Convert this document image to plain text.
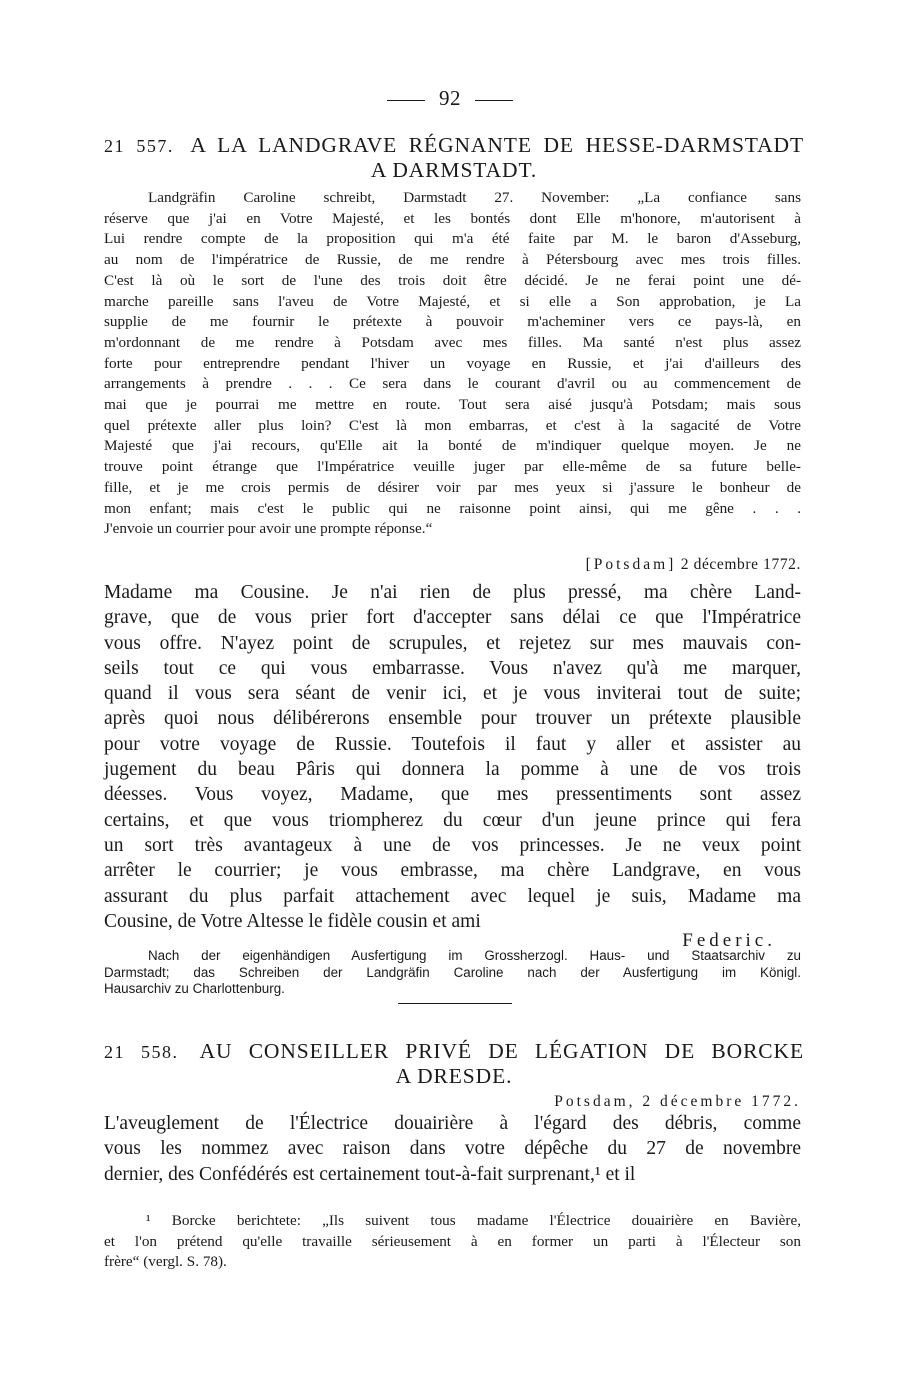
92
21 557. A LA LANDGRAVE RÉGNANTE DE HESSE-DARMSTADT
A DARMSTADT.
Landgräfin Caroline schreibt, Darmstadt 27. November: „La confiance sans
réserve que j'ai en Votre Majesté, et les bontés dont Elle m'honore, m'autorisent à
Lui rendre compte de la proposition qui m'a été faite par M. le baron d'Asseburg,
au nom de l'impératrice de Russie, de me rendre à Pétersbourg avec mes trois filles.
C'est là où le sort de l'une des trois doit être décidé. Je ne ferai point une dé-
marche pareille sans l'aveu de Votre Majesté, et si elle a Son approbation, je La
supplie de me fournir le prétexte à pouvoir m'acheminer vers ce pays-là, en
m'ordonnant de me rendre à Potsdam avec mes filles. Ma santé n'est plus assez
forte pour entreprendre pendant l'hiver un voyage en Russie, et j'ai d'ailleurs des
arrangements à prendre . . . Ce sera dans le courant d'avril ou au commencement de
mai que je pourrai me mettre en route. Tout sera aisé jusqu'à Potsdam; mais sous
quel prétexte aller plus loin? C'est là mon embarras, et c'est à la sagacité de Votre
Majesté que j'ai recours, qu'Elle ait la bonté de m'indiquer quelque moyen. Je ne
trouve point étrange que l'Impératrice veuille juger par elle-même de sa future belle-
fille, et je me crois permis de désirer voir par mes yeux si j'assure le bonheur de
mon enfant; mais c'est le public qui ne raisonne point ainsi, qui me gêne . . .
J'envoie un courrier pour avoir une prompte réponse.“
[Potsdam] 2 décembre 1772.
Madame ma Cousine. Je n'ai rien de plus pressé, ma chère Land-
grave, que de vous prier fort d'accepter sans délai ce que l'Impératrice
vous offre. N'ayez point de scrupules, et rejetez sur mes mauvais con-
seils tout ce qui vous embarrasse. Vous n'avez qu'à me marquer,
quand il vous sera séant de venir ici, et je vous inviterai tout de suite;
après quoi nous délibérerons ensemble pour trouver un prétexte plausible
pour votre voyage de Russie. Toutefois il faut y aller et assister au
jugement du beau Pâris qui donnera la pomme à une de vos trois
déesses. Vous voyez, Madame, que mes pressentiments sont assez
certains, et que vous triompherez du cœur d'un jeune prince qui fera
un sort très avantageux à une de vos princesses. Je ne veux point
arrêter le courrier; je vous embrasse, ma chère Landgrave, en vous
assurant du plus parfait attachement avec lequel je suis, Madame ma
Cousine, de Votre Altesse le fidèle cousin et ami
Federic.
Nach der eigenhändigen Ausfertigung im Grossherzogl. Haus- und Staatsarchiv zu
Darmstadt; das Schreiben der Landgräfin Caroline nach der Ausfertigung im Königl.
Hausarchiv zu Charlottenburg.
21 558. AU CONSEILLER PRIVÉ DE LÉGATION DE BORCKE
A DRESDE.
Potsdam, 2 décembre 1772.
L'aveuglement de l'Électrice douairière à l'égard des débris, comme
vous les nommez avec raison dans votre dépêche du 27 de novembre
dernier, des Confédérés est certainement tout-à-fait surprenant,¹ et il
¹ Borcke berichtete: „Ils suivent tous madame l'Électrice douairière en Bavière,
et l'on prétend qu'elle travaille sérieusement à en former un parti à l'Électeur son
frère“ (vergl. S. 78).
